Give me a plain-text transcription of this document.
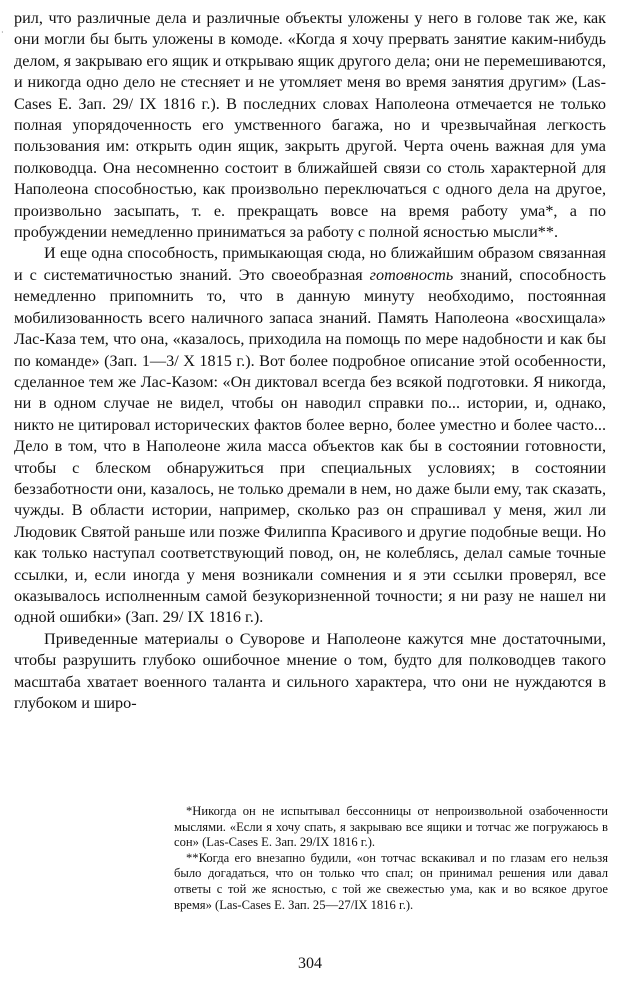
·

рил, что различные дела и различные объекты уложены у него в голове так же, как они могли бы быть уложены в комоде. «Когда я хочу прервать занятие каким-нибудь делом, я закрываю его ящик и открываю ящик другого дела; они не перемешиваются, и никогда одно дело не стесняет и не утомляет меня во время занятия другим» (Las-Cases E. Зап. 29/ IX 1816 г.). В последних словах Наполеона отмечается не только полная упорядоченность его умственного багажа, но и чрезвычайная легкость пользования им: открыть один ящик, закрыть другой. Черта очень важная для ума полководца. Она несомненно состоит в ближайшей связи со столь характерной для Наполеона способностью, как произвольно переключаться с одного дела на другое, произвольно засыпать, т. е. прекращать вовсе на время работу ума*, а по пробуждении немедленно приниматься за работу с полной ясностью мысли**.

И еще одна способность, примыкающая сюда, но ближайшим образом связанная и с систематичностью знаний. Это своеобразная готовность знаний, способность немедленно припомнить то, что в данную минуту необходимо, постоянная мобилизованность всего наличного запаса знаний. Память Наполеона «восхищала» Лас-Каза тем, что она, «казалось, приходила на помощь по мере надобности и как бы по команде» (Зап. 1—3/ X 1815 г.). Вот более подробное описание этой особенности, сделанное тем же Лас-Казом: «Он диктовал всегда без всякой подготовки. Я никогда, ни в одном случае не видел, чтобы он наводил справки по... истории, и, однако, никто не цитировал исторических фактов более верно, более уместно и более часто... Дело в том, что в Наполеоне жила масса объектов как бы в состоянии готовности, чтобы с блеском обнаружиться при специальных условиях; в состоянии беззаботности они, казалось, не только дремали в нем, но даже были ему, так сказать, чужды. В области истории, например, сколько раз он спрашивал у меня, жил ли Людовик Святой раньше или позже Филиппа Красивого и другие подобные вещи. Но как только наступал соответствующий повод, он, не колеблясь, делал самые точные ссылки, и, если иногда у меня возникали сомнения и я эти ссылки проверял, все оказывалось исполненным самой безукоризненной точности; я ни разу не нашел ни одной ошибки» (Зап. 29/ IX 1816 г.).

Приведенные материалы о Суворове и Наполеоне кажутся мне достаточными, чтобы разрушить глубоко ошибочное мнение о том, будто для полководцев такого масштаба хватает военного таланта и сильного характера, что они не нуждаются в глубоком и широ-

*Никогда он не испытывал бессонницы от непроизвольной озабоченности мыслями. «Если я хочу спать, я закрываю все ящики и тотчас же погружаюсь в сон» (Las-Cases E. Зап. 29/IX 1816 г.).

**Когда его внезапно будили, «он тотчас вскакивал и по глазам его нельзя было догадаться, что он только что спал; он принимал решения или давал ответы с той же ясностью, с той же свежестью ума, как и во всякое другое время» (Las-Cases E. Зап. 25—27/IX 1816 г.).

304
